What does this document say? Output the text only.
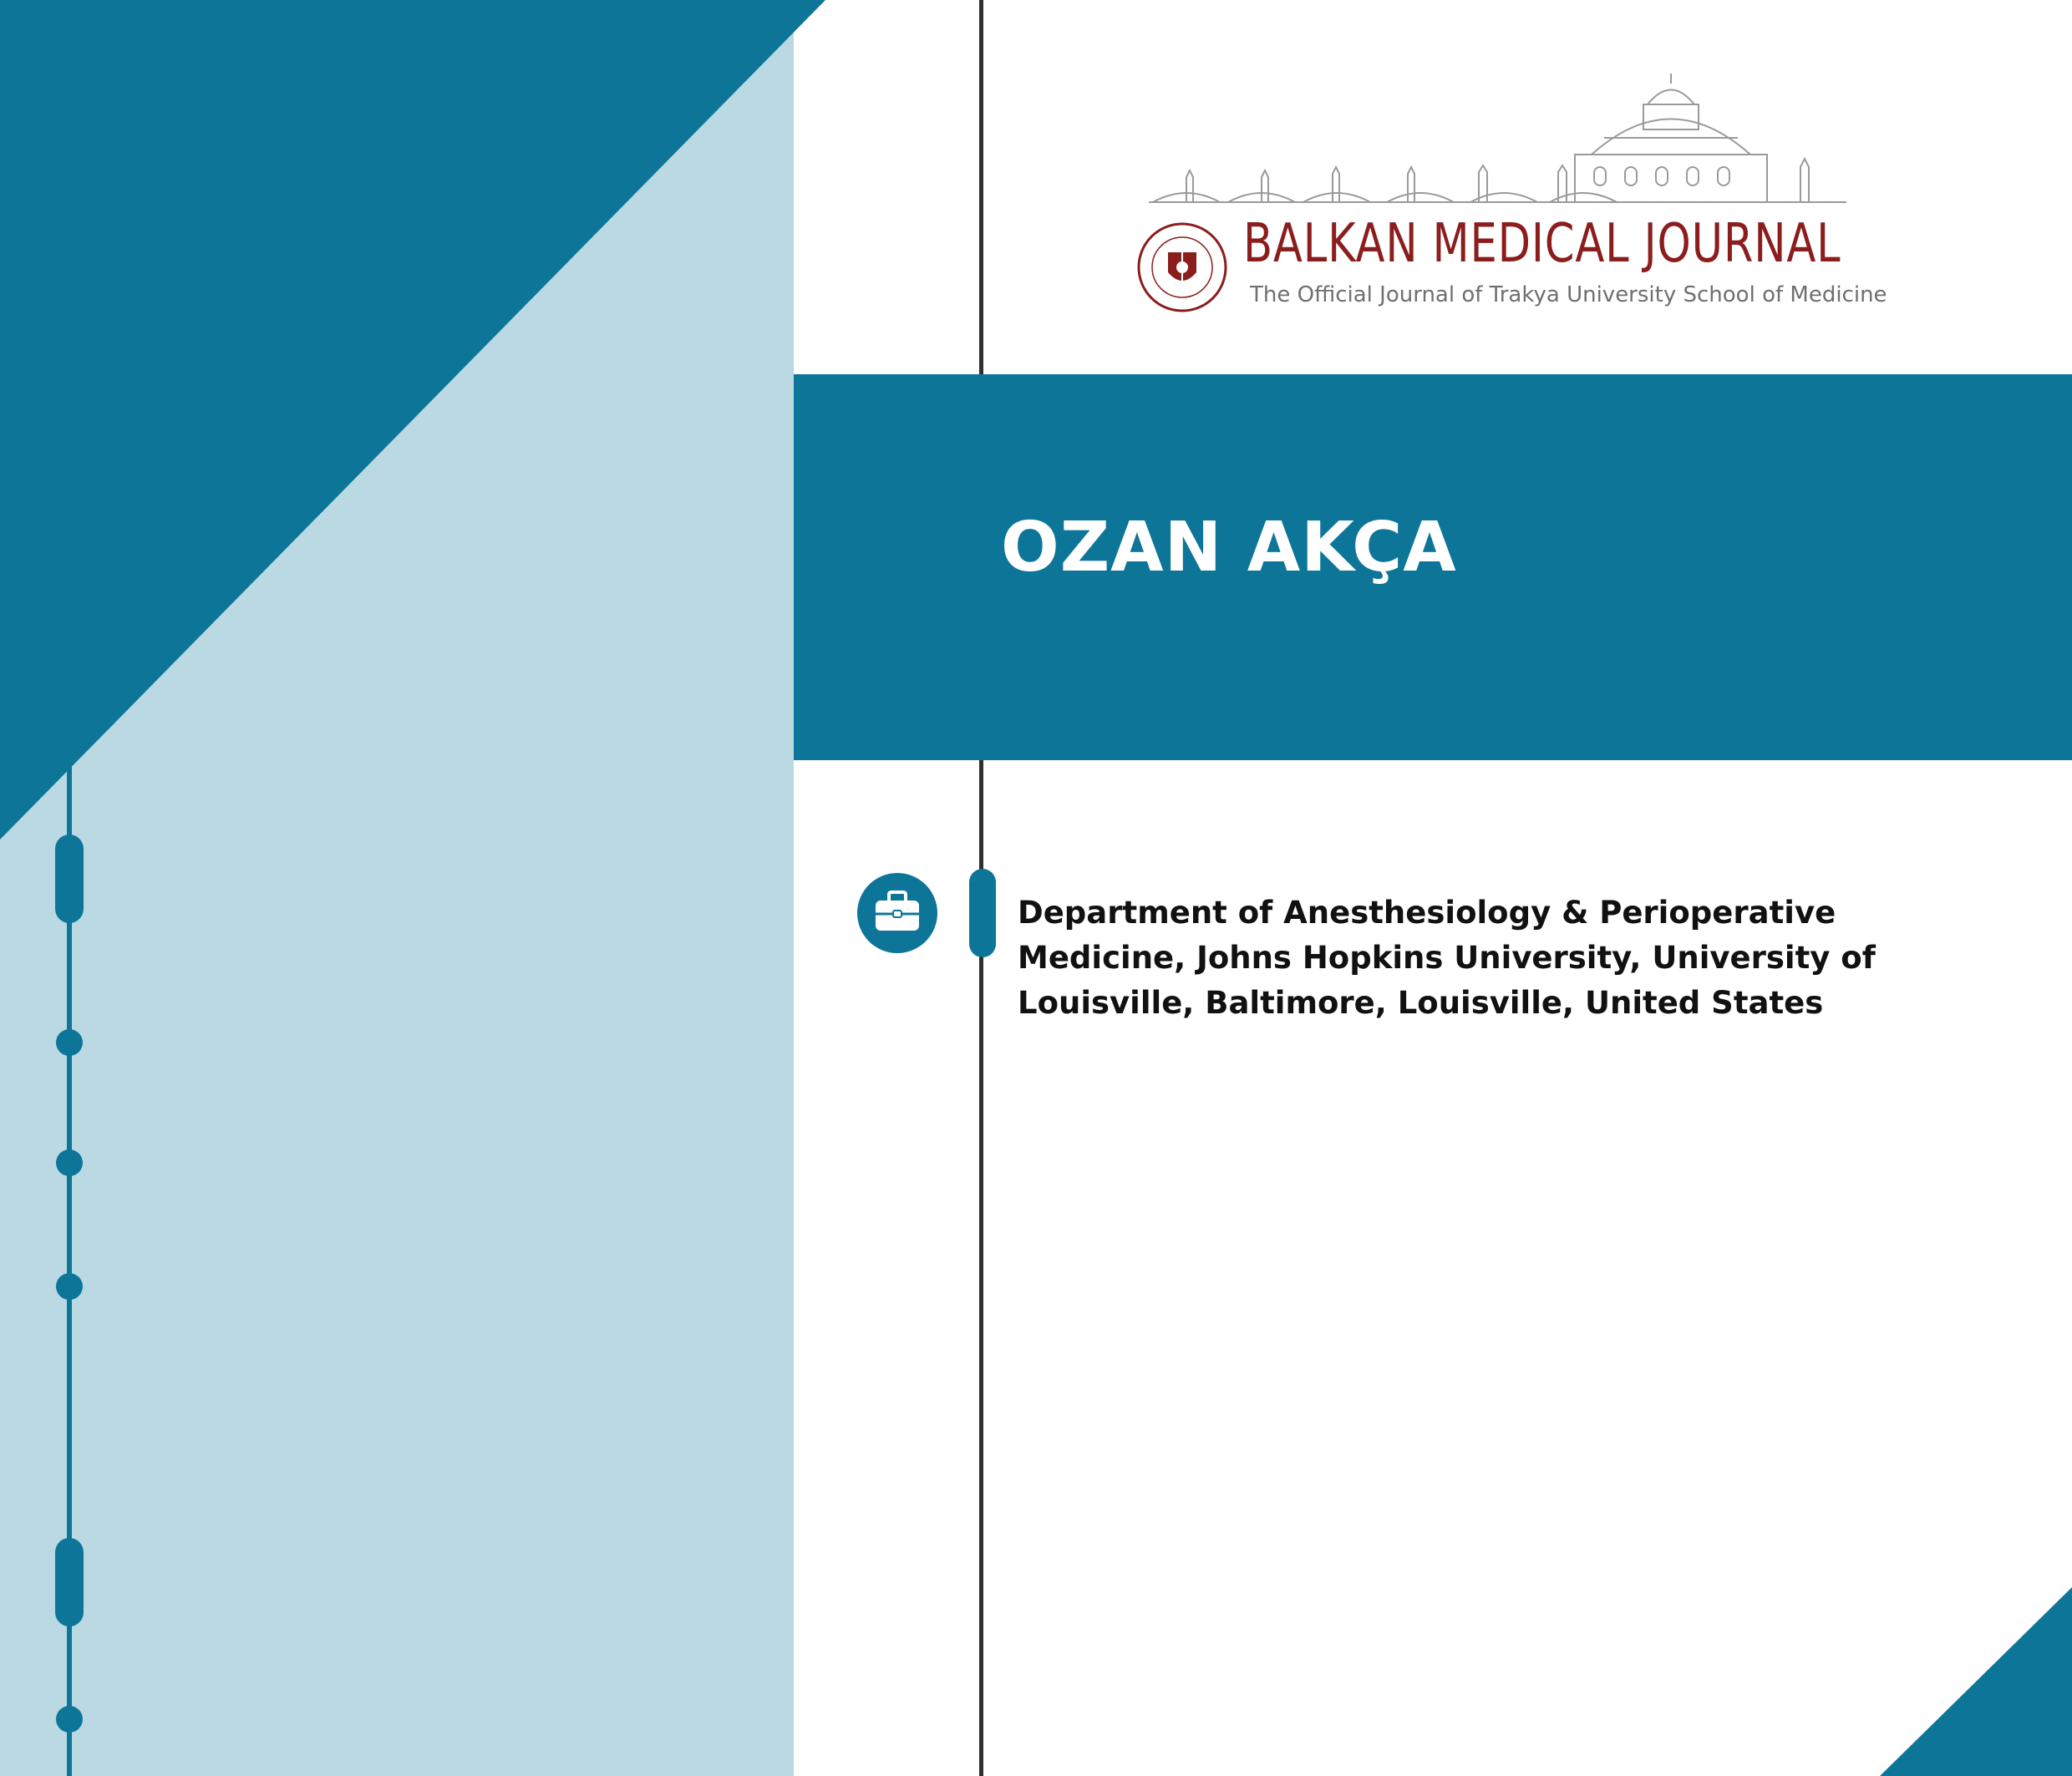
BALKAN MEDICAL JOURNAL
The Official Journal of Trakya University School of Medicine
OZAN AKÇA

Department of Anesthesiology & Perioperative Medicine, Johns Hopkins University, University of Louisville, Baltimore, Louisville, United States
